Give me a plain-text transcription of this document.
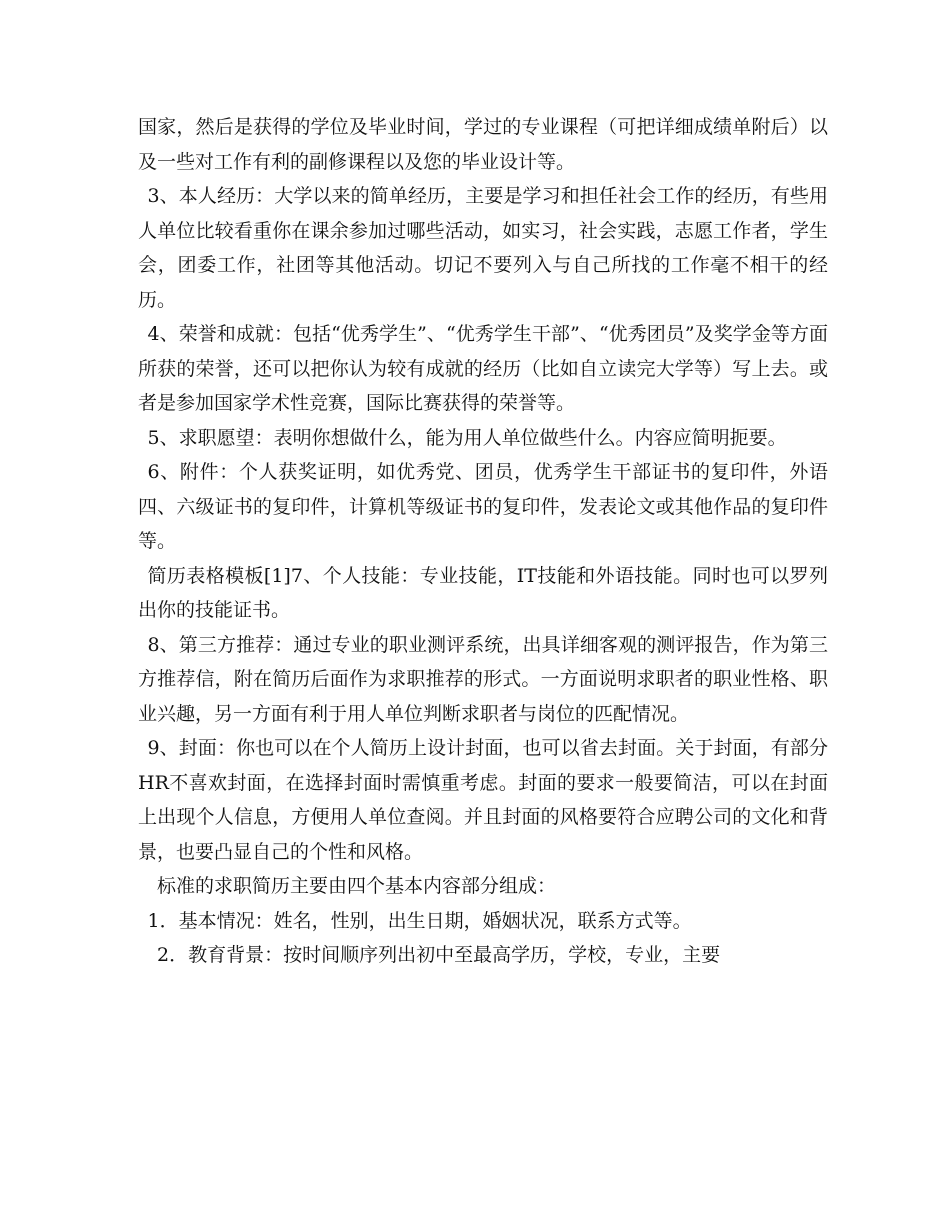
国家，然后是获得的学位及毕业时间，学过的专业课程（可把详细成绩单附后）以及一些对工作有利的副修课程以及您的毕业设计等。

3、本人经历：大学以来的简单经历，主要是学习和担任社会工作的经历，有些用人单位比较看重你在课余参加过哪些活动，如实习，社会实践，志愿工作者，学生会，团委工作，社团等其他活动。切记不要列入与自己所找的工作毫不相干的经历。

4、荣誉和成就：包括“优秀学生”、“优秀学生干部”、“优秀团员”及奖学金等方面所获的荣誉，还可以把你认为较有成就的经历（比如自立读完大学等）写上去。或者是参加国家学术性竞赛，国际比赛获得的荣誉等。

5、求职愿望：表明你想做什么，能为用人单位做些什么。内容应简明扼要。

6、附件：个人获奖证明，如优秀党、团员，优秀学生干部证书的复印件，外语四、六级证书的复印件，计算机等级证书的复印件，发表论文或其他作品的复印件等。

简历表格模板[1]7、个人技能：专业技能，IT技能和外语技能。同时也可以罗列出你的技能证书。

8、第三方推荐：通过专业的职业测评系统，出具详细客观的测评报告，作为第三方推荐信，附在简历后面作为求职推荐的形式。一方面说明求职者的职业性格、职业兴趣，另一方面有利于用人单位判断求职者与岗位的匹配情况。

9、封面：你也可以在个人简历上设计封面，也可以省去封面。关于封面，有部分HR不喜欢封面，在选择封面时需慎重考虑。封面的要求一般要简洁，可以在封面上出现个人信息，方便用人单位查阅。并且封面的风格要符合应聘公司的文化和背景，也要凸显自己的个性和风格。

标准的求职简历主要由四个基本内容部分组成：

1．基本情况：姓名，性别，出生日期，婚姻状况，联系方式等。

2．教育背景：按时间顺序列出初中至最高学历，学校，专业，主要
